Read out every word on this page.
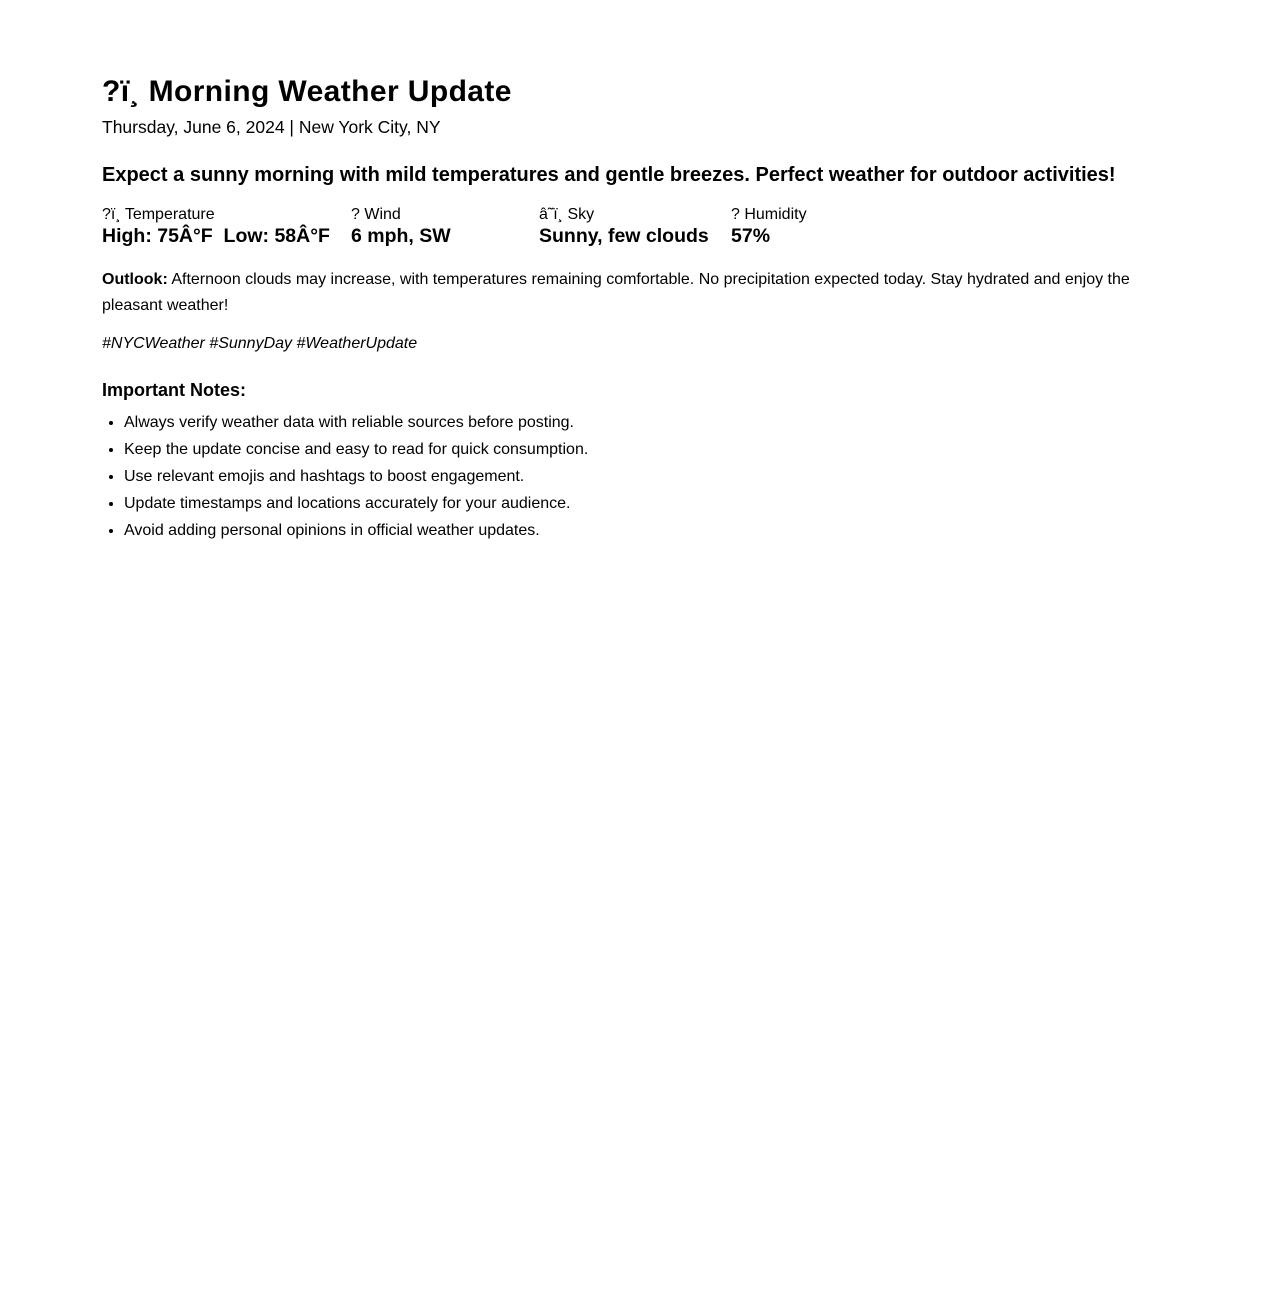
?ï¸ Morning Weather Update

Thursday, June 6, 2024 | New York City, NY

Expect a sunny morning with mild temperatures and gentle breezes. Perfect weather for outdoor activities!

?ï¸ Temperature
High: 75Â°F  Low: 58Â°F
? Wind
6 mph, SW
â˜ï¸ Sky
Sunny, few clouds
? Humidity
57%

Outlook: Afternoon clouds may increase, with temperatures remaining comfortable. No precipitation expected today. Stay hydrated and enjoy the pleasant weather!

#NYCWeather #SunnyDay #WeatherUpdate

Important Notes:
• Always verify weather data with reliable sources before posting.
• Keep the update concise and easy to read for quick consumption.
• Use relevant emojis and hashtags to boost engagement.
• Update timestamps and locations accurately for your audience.
• Avoid adding personal opinions in official weather updates.
